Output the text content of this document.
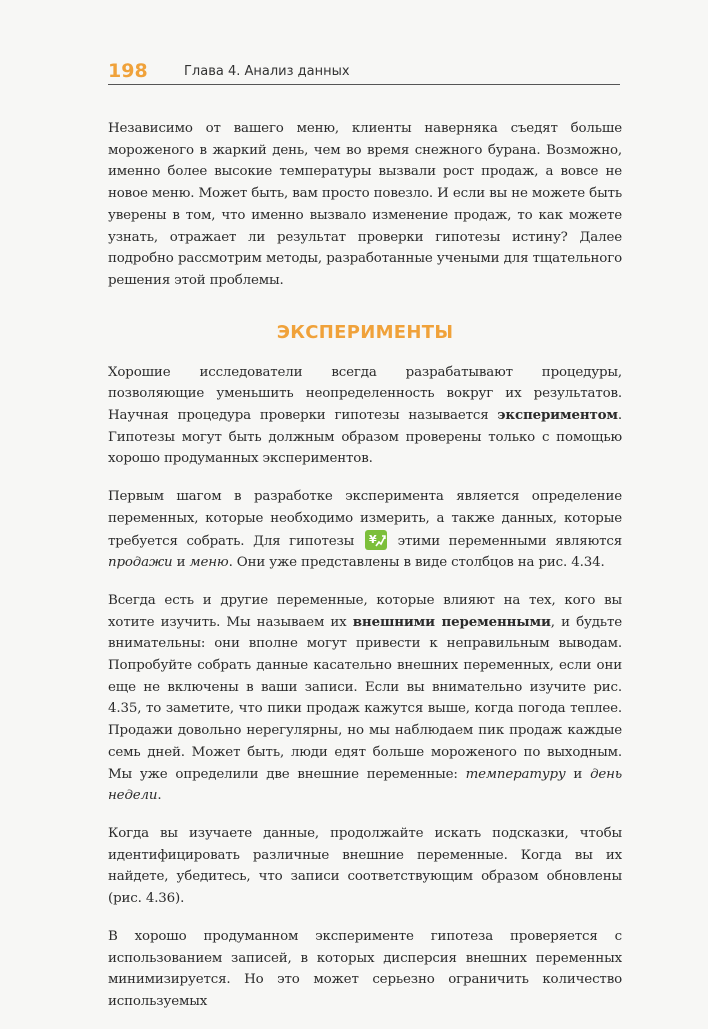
198	Глава 4. Анализ данных

Независимо от вашего меню, клиенты наверняка съедят больше мороженого в жаркий день, чем во время снежного бурана. Возможно, именно более высокие температуры вызвали рост продаж, а вовсе не новое меню. Может быть, вам просто повезло. И если вы не можете быть уверены в том, что именно вызвало изменение продаж, то как можете узнать, отражает ли результат проверки гипотезы истину? Далее подробно рассмотрим методы, разработанные учеными для тщательного решения этой проблемы.

ЭКСПЕРИМЕНТЫ

Хорошие исследователи всегда разрабатывают процедуры, позволяющие уменьшить неопределенность вокруг их результатов. Научная процедура проверки гипотезы называется экспериментом. Гипотезы могут быть должным образом проверены только с помощью хорошо продуманных экспериментов.

Первым шагом в разработке эксперимента является определение переменных, которые необходимо измерить, а также данных, которые требуется собрать. Для гипотезы ¥ этими переменными являются продажи и меню. Они уже представлены в виде столбцов на рис. 4.34.

Всегда есть и другие переменные, которые влияют на тех, кого вы хотите изучить. Мы называем их внешними переменными, и будьте внимательны: они вполне могут привести к неправильным выводам. Попробуйте собрать данные касательно внешних переменных, если они еще не включены в ваши записи. Если вы внимательно изучите рис. 4.35, то заметите, что пики продаж кажутся выше, когда погода теплее. Продажи довольно нерегулярны, но мы наблюдаем пик продаж каждые семь дней. Может быть, люди едят больше мороженого по выходным. Мы уже определили две внешние переменные: температуру и день недели.

Когда вы изучаете данные, продолжайте искать подсказки, чтобы идентифицировать различные внешние переменные. Когда вы их найдете, убедитесь, что записи соответствующим образом обновлены (рис. 4.36).

В хорошо продуманном эксперименте гипотеза проверяется с использованием записей, в которых дисперсия внешних переменных минимизируется. Но это может серьезно ограничить количество используемых
